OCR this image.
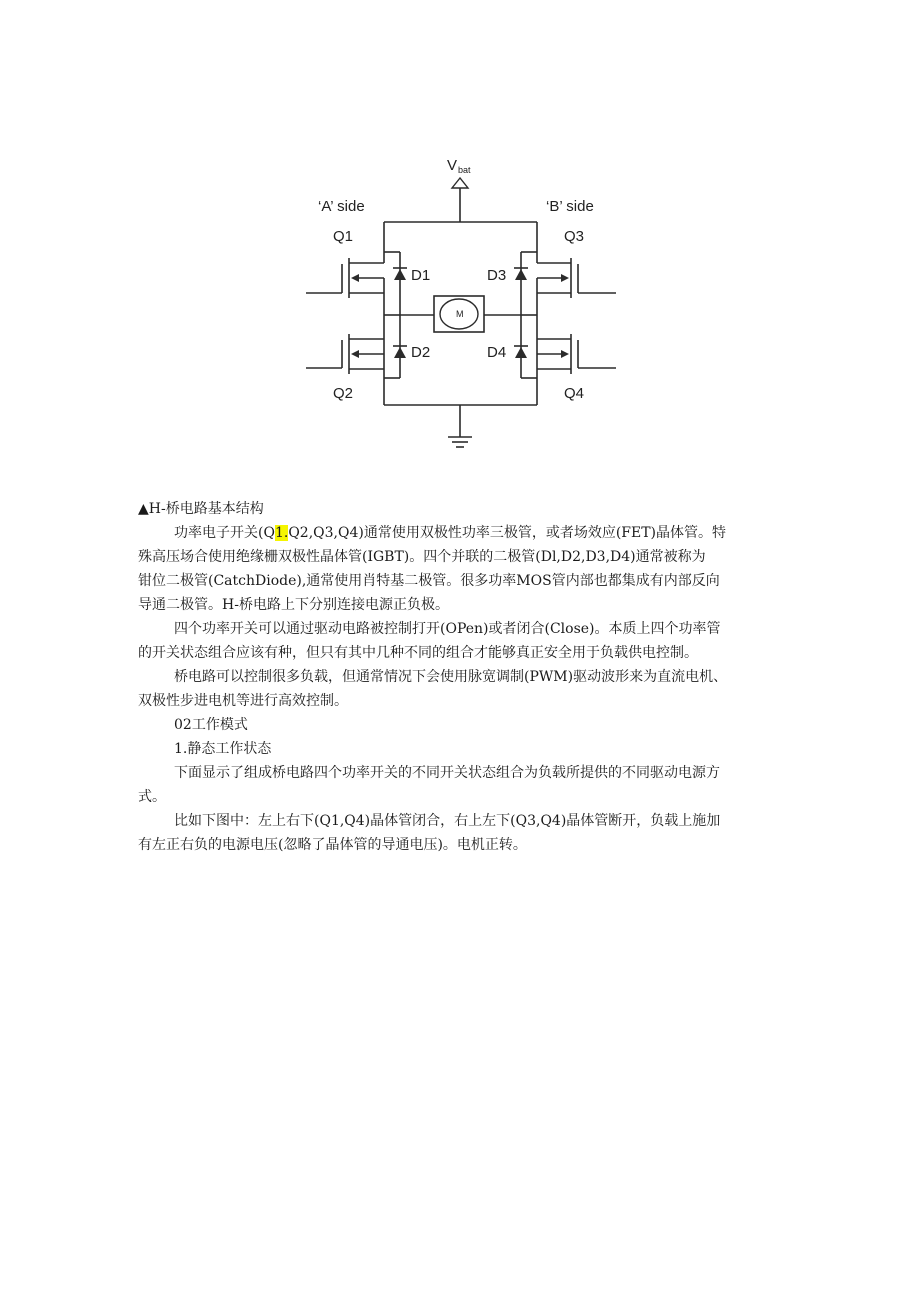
V bat
‘A’ side	‘B’ side
Q1
Q2
Q3
Q4
D1
D2
D3
D4
M

▲H-桥电路基本结构

功率电子开关(Q1.Q2,Q3,Q4)通常使用双极性功率三极管，或者场效应(FET)晶体管。特

殊高压场合使用绝缘栅双极性晶体管(IGBT)。四个并联的二极管(Dl,D2,D3,D4)通常被称为

钳位二极管(CatchDiode),通常使用肖特基二极管。很多功率MOS管内部也都集成有内部反向

导通二极管。H-桥电路上下分别连接电源正负极。

四个功率开关可以通过驱动电路被控制打开(OPen)或者闭合(Close)。本质上四个功率管

的开关状态组合应该有种，但只有其中几种不同的组合才能够真正安全用于负载供电控制。

桥电路可以控制很多负载，但通常情况下会使用脉宽调制(PWM)驱动波形来为直流电机、

双极性步进电机等进行高效控制。

02工作模式

1.静态工作状态

下面显示了组成桥电路四个功率开关的不同开关状态组合为负载所提供的不同驱动电源方

式。

比如下图中：左上右下(Q1,Q4)晶体管闭合，右上左下(Q3,Q4)晶体管断开，负载上施加

有左正右负的电源电压(忽略了晶体管的导通电压)。电机正转。
